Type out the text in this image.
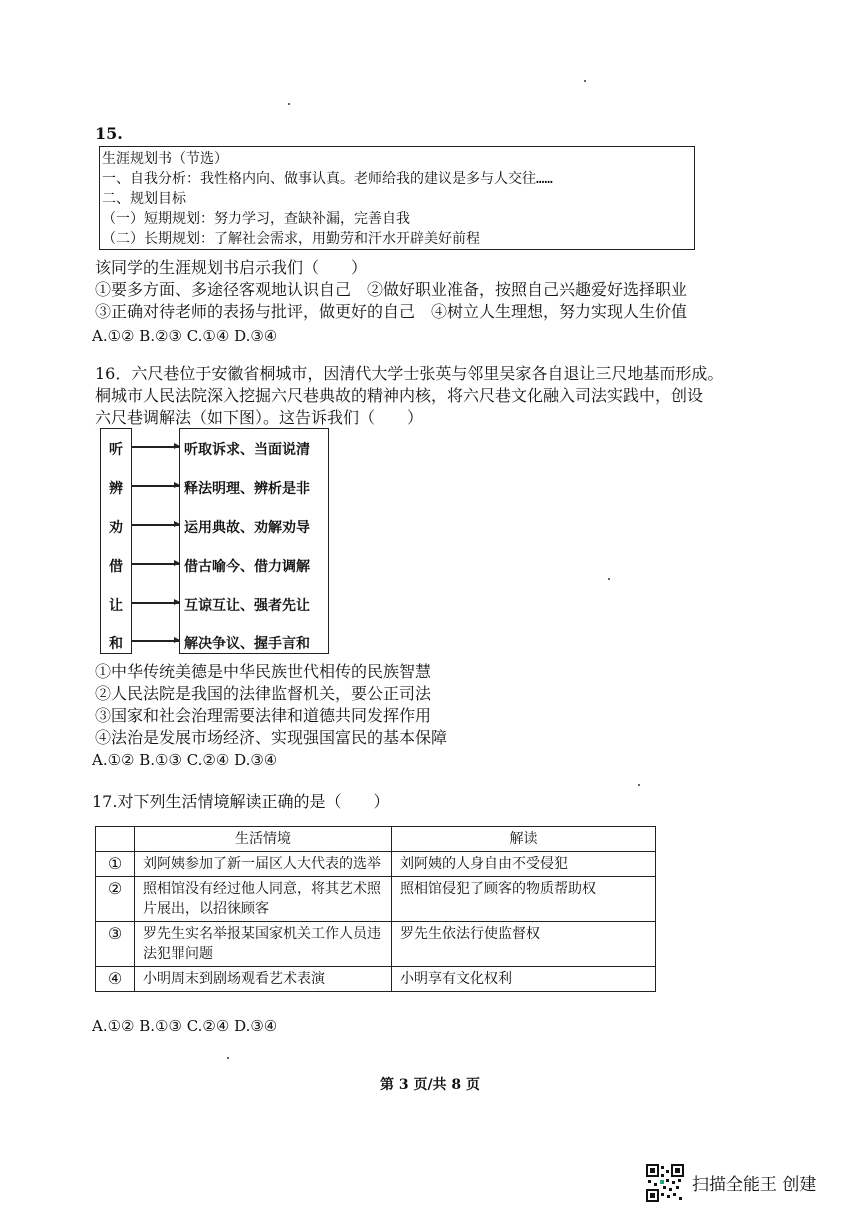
15.
生涯规划书（节选）
一、自我分析：我性格内向、做事认真。老师给我的建议是多与人交往……
二、规划目标
（一）短期规划：努力学习，查缺补漏，完善自我
（二）长期规划：了解社会需求，用勤劳和汗水开辟美好前程
该同学的生涯规划书启示我们（　　）
①要多方面、多途径客观地认识自己　②做好职业准备，按照自己兴趣爱好选择职业
③正确对待老师的表扬与批评，做更好的自己　④树立人生理想，努力实现人生价值
A.①② B.②③ C.①④ D.③④
16．六尺巷位于安徽省桐城市，因清代大学士张英与邻里吴家各自退让三尺地基而形成。
桐城市人民法院深入挖掘六尺巷典故的精神内核，将六尺巷文化融入司法实践中，创设
六尺巷调解法（如下图）。这告诉我们（　　）
听
辨
劝
借
让
和
听取诉求、当面说清
释法明理、辨析是非
运用典故、劝解劝导
借古喻今、借力调解
互谅互让、强者先让
解决争议、握手言和
①中华传统美德是中华民族世代相传的民族智慧
②人民法院是我国的法律监督机关，要公正司法
③国家和社会治理需要法律和道德共同发挥作用
④法治是发展市场经济、实现强国富民的基本保障
A.①② B.①③ C.②④ D.③④
17.对下列生活情境解读正确的是（　　）
	生活情境	解读
①	刘阿姨参加了新一届区人大代表的选举	刘阿姨的人身自由不受侵犯
②	照相馆没有经过他人同意，将其艺术照片展出，以招徕顾客	照相馆侵犯了顾客的物质帮助权
③	罗先生实名举报某国家机关工作人员违法犯罪问题	罗先生依法行使监督权
④	小明周末到剧场观看艺术表演	小明享有文化权利
A.①② B.①③ C.②④ D.③④
第 3 页/共 8 页
扫描全能王 创建
